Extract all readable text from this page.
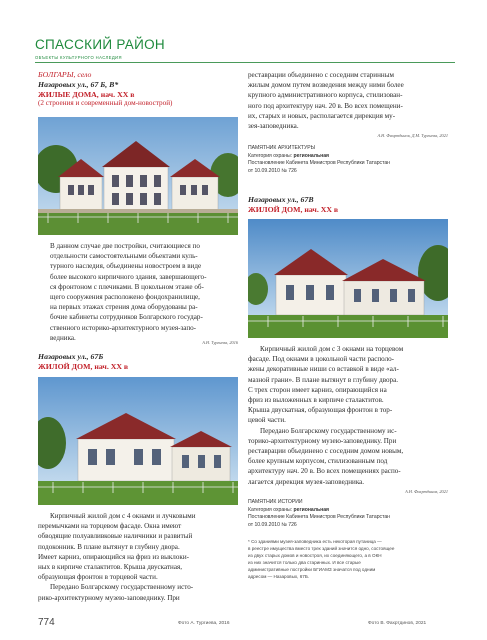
СПАССКИЙ РАЙОН
ОБЪЕКТЫ КУЛЬТУРНОГО НАСЛЕДИЯ
БОЛГАРЫ, село
Назаровых ул., 67 Б, В*
ЖИЛЫЕ ДОМА, нач. XX в
(2 строения и современный дом-новострой)
В данном случае две постройки, считающиеся по
отдельности самостоятельными объектами куль-
турного наследия, объединены новостроем в виде
более высокого кирпичного здания, завершающего-
ся фронтоном с плечиками. В цокольном этаже об-
щего сооружения расположено фондохранилище,
на первых этажах стрения дома оборудованы ра-
бочие кабинеты сотрудников Болгарского государ-
ственного историко-архитектурного музея-запо-
ведника.
А.Н. Тургиева, 2016
Назаровых ул., 67Б
ЖИЛОЙ ДОМ, нач. XX в
Кирпичный жилой дом с 4 окнами и лучковыми
перемычками на торцевом фасаде. Окна имеют
обводящие полуавливковые наличники и развитый
подоконник. В плане вытянут в глубину двора.
Имеет карниз, опирающийся на фриз из выклоки-
ных в кирпиче сталактитов. Крыша двускатная,
образующая фронтон в торцевой части.
Передано Болгарскому государственному исто-
рико-архитектурному музею-заповеднику. При
реставрации объединено с соседним старинным
жилым домом путем возведения между ними более
крупного административного корпуса, стилизован-
ного под архитектуру нач. 20 в. Во всех помещени-
их, старых и новых, располагается дирекция му-
зея-заповедника.
А.Н. Фахртдинов, Д.М. Тургиева, 2021
ПАМЯТНИК АРХИТЕКТУРЫ
Категория охраны: региональная
Постановление Кабинета Министров Республики Татарстан
от 10.09.2010 № 726
Назаровых ул., 67В
ЖИЛОЙ ДОМ, нач. XX в
Кирпичный жилой дом с 3 окнами на торцевом
фасаде. Под окнами в цокольной части располо-
жены декоративные ниши со вставкой в виде «ал-
мазной грани». В плане вытянут в глубину двора.
С трех сторон имеет карниз, опирающийся на
фриз из выложенных в кирпиче сталактитов.
Крыша двускатная, образующая фронтон в тор-
цевой части.
Передано Болгарскому государственному ис-
торико-архитектурному музею-заповеднику. При
реставрации объединено с соседним домом новым,
более крупным корпусом, стилизованным под
архитектуру нач. 20 в. Во всех помещениях распо-
лагается дирекция музея-заповедника.
А.Н. Фахртдинов, 2021
ПАМЯТНИК ИСТОРИИ
Категория охраны: региональная
Постановление Кабинета Министров Республики Татарстан
от 10.09.2010 № 726
* Со зданиями музея-заповедника есть некоторая путаница —
в реестре имущества вместо трех зданий значится одно, состоящее
из двух старых домов и новостроя, их соединяющего, а в ОКН
из них значится только два старинных. И все старые
административные постройки БГИАМЗ значатся под одним
адресом — Назаровых, 67Б.
774	Фото А. Тургиева, 2016	Фото В. Фахртдинов, 2021
